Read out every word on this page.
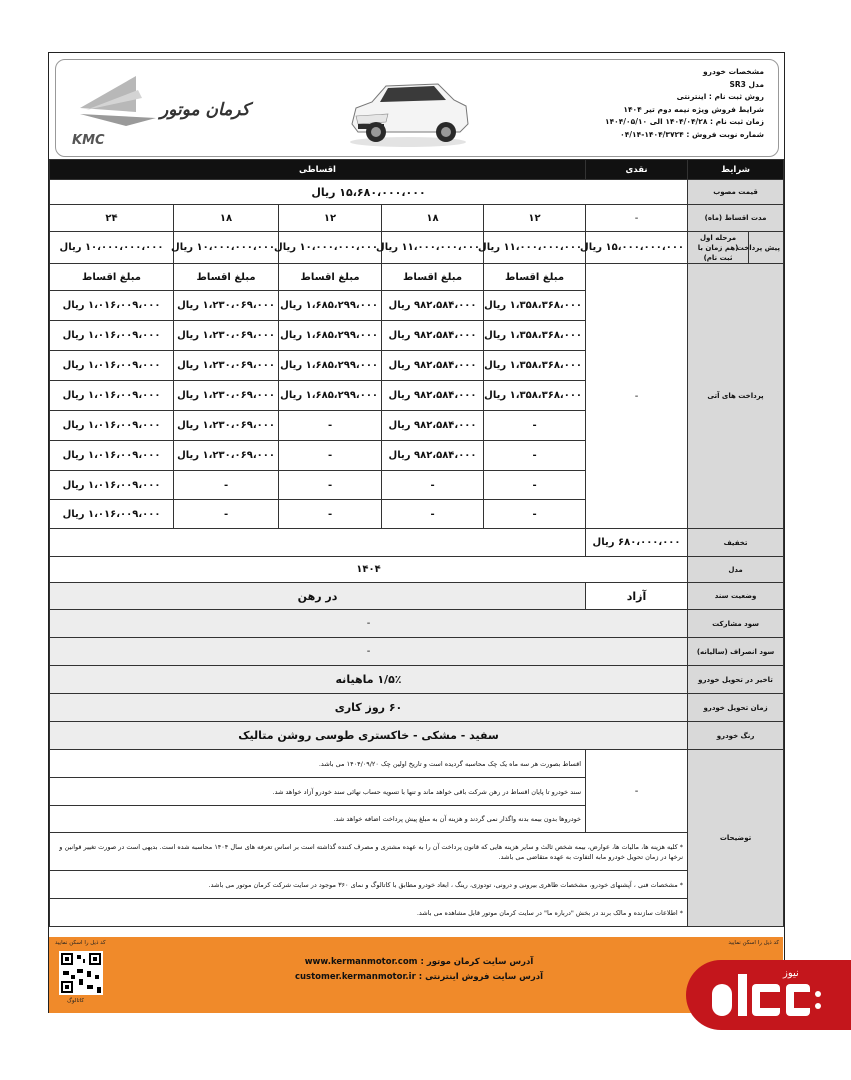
KMC
کرمان موتور
مشخصات خودرو
مدل SR3
روش ثبت نام : اینترنتی
شرایط فروش ویژه نیمه دوم تیر ۱۴۰۴
زمان ثبت نام : ۱۴۰۴/۰۴/۲۸ الی ۱۴۰۴/۰۵/۱۰
شماره نوبت فروش : ۱۴۰۴/۳۷۲۴-۰۴/۱۴
شرایط		نقدی	اقساطی				
قیمت مصوب		۱۵،۶۸۰،۰۰۰،۰۰۰ ریال					
مدت اقساط (ماه)		-	۱۲	۱۸	۱۲	۱۸	۲۴
پیش پرداخت	مرحله اول
(هم زمان با ثبت نام)	۱۵،۰۰۰،۰۰۰،۰۰۰ ریال	۱۱،۰۰۰،۰۰۰،۰۰۰ ریال	۱۱،۰۰۰،۰۰۰،۰۰۰ ریال	۱۰،۰۰۰،۰۰۰،۰۰۰ ریال	۱۰،۰۰۰،۰۰۰،۰۰۰ ریال	۱۰،۰۰۰،۰۰۰،۰۰۰ ریال
پرداخت های آتی		-	مبلغ اقساط	مبلغ اقساط	مبلغ اقساط	مبلغ اقساط	مبلغ اقساط
			۱،۳۵۸،۳۶۸،۰۰۰ ریال	۹۸۲،۵۸۴،۰۰۰ ریال	۱،۶۸۵،۲۹۹،۰۰۰ ریال	۱،۲۳۰،۰۶۹،۰۰۰ ریال	۱،۰۱۶،۰۰۹،۰۰۰ ریال
			۱،۳۵۸،۳۶۸،۰۰۰ ریال	۹۸۲،۵۸۴،۰۰۰ ریال	۱،۶۸۵،۲۹۹،۰۰۰ ریال	۱،۲۳۰،۰۶۹،۰۰۰ ریال	۱،۰۱۶،۰۰۹،۰۰۰ ریال
			۱،۳۵۸،۳۶۸،۰۰۰ ریال	۹۸۲،۵۸۴،۰۰۰ ریال	۱،۶۸۵،۲۹۹،۰۰۰ ریال	۱،۲۳۰،۰۶۹،۰۰۰ ریال	۱،۰۱۶،۰۰۹،۰۰۰ ریال
			۱،۳۵۸،۳۶۸،۰۰۰ ریال	۹۸۲،۵۸۴،۰۰۰ ریال	۱،۶۸۵،۲۹۹،۰۰۰ ریال	۱،۲۳۰،۰۶۹،۰۰۰ ریال	۱،۰۱۶،۰۰۹،۰۰۰ ریال
			-	۹۸۲،۵۸۴،۰۰۰ ریال	-	۱،۲۳۰،۰۶۹،۰۰۰ ریال	۱،۰۱۶،۰۰۹،۰۰۰ ریال
			-	۹۸۲،۵۸۴،۰۰۰ ریال	-	۱،۲۳۰،۰۶۹،۰۰۰ ریال	۱،۰۱۶،۰۰۹،۰۰۰ ریال
			-	-	-	-	۱،۰۱۶،۰۰۹،۰۰۰ ریال
			-	-	-	-	۱،۰۱۶،۰۰۹،۰۰۰ ریال
تخفیف		۶۸۰،۰۰۰،۰۰۰ ریال					
مدل		۱۴۰۴					
وضعیت سند		آزاد	در رهن				
سود مشارکت		-					
سود انصراف (سالیانه)		-					
تاخیر در تحویل خودرو		۱/۵٪ ماهیانه					
زمان تحویل خودرو		۶۰ روز کاری					
رنگ خودرو		سفید - مشکی - خاکستری طوسی روشن متالیک					
توضیحات		-	اقساط بصورت هر سه ماه یک چک محاسبه گردیده است و تاریخ اولین چک ۱۴۰۴/۰۹/۲۰ می باشد.				
			سند خودرو تا پایان اقساط در رهن شرکت باقی خواهد ماند و تنها با تسویه حساب نهائی سند خودرو آزاد خواهد شد.				
			خودروها بدون بیمه بدنه واگذار نمی گردند و هزینه آن به مبلغ پیش پرداخت اضافه خواهد شد.				
		* کلیه هزینه ها، مالیات ها، عوارض، بیمه شخص ثالث و سایر هزینه هایی که قانون پرداخت آن را به عهده مشتری و مصرف کننده گذاشته است بر اساس تعرفه های سال ۱۴۰۴ محاسبه شده است. بدیهی است در صورت تغییر قوانین و نرخها در زمان تحویل خودرو مابه التفاوت به عهده متقاضی می باشد.					
		* مشخصات فنی ، آپشنهای خودرو، مشخصات ظاهری بیرونی و درونی، تودوزی، رینگ ، ابعاد خودرو مطابق با کاتالوگ و نمای ۳۶۰ موجود در سایت شرکت کرمان موتور می باشد.					
		* اطلاعات سازنده و مالک برند در بخش "درباره ما" در سایت کرمان موتور قابل مشاهده می باشد.					
کد ذیل را اسکن نمایید
کاتالوگ
آدرس سایت کرمان موتور : www.kermanmotor.com
آدرس سایت فروش اینترنتی : customer.kermanmotor.ir
کد ذیل را اسکن نمایید
نیوز
